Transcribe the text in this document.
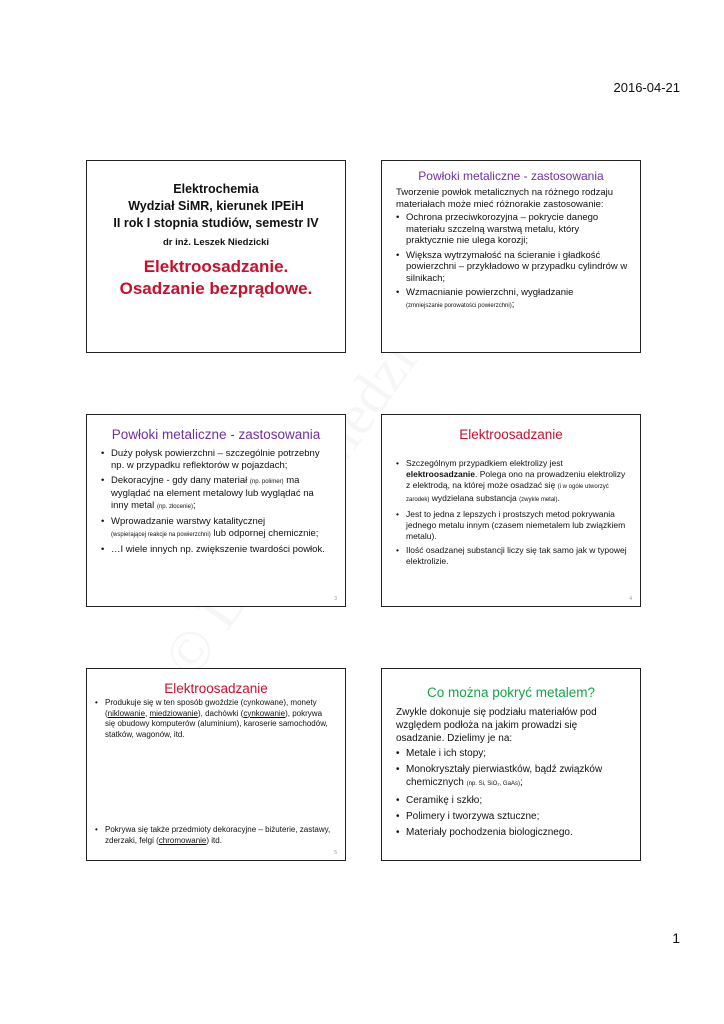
2016-04-21
Elektrochemia
Wydział SiMR, kierunek IPEiH
II rok I stopnia studiów, semestr IV
dr inż. Leszek Niedzicki
Elektroosadzanie.
Osadzanie bezprądowe.
Powłoki metaliczne - zastosowania

Tworzenie powłok metalicznych na różnego rodzaju materiałach może mieć różnorakie zastosowanie:

• Ochrona przeciwkorozyjna – pokrycie danego materiału szczelną warstwą metalu, który praktycznie nie ulega korozji;
• Większa wytrzymałość na ścieranie i gładkość powierzchni – przykładowo w przypadku cylindrów w silnikach;
• Wzmacnianie powierzchni, wygładzanie
(zmniejszanie porowatości powierzchni);
Powłoki metaliczne - zastosowania
• Duży połysk powierzchni – szczególnie potrzebny np. w przypadku reflektorów w pojazdach;
• Dekoracyjne - gdy dany materiał (np. polimer) ma wyglądać na element metalowy lub wyglądać na inny metal (np. złocenie);
• Wprowadzanie warstwy katalitycznej
(wspierającej reakcje na powierzchni) lub odpornej chemicznie;
• …I wiele innych np. zwiększenie twardości powłok.
3
Elektroosadzanie
• Szczególnym przypadkiem elektrolizy jest elektroosadzanie. Polega ono na prowadzeniu elektrolizy z elektrodą, na której może osadzać się (i w ogóle utworzyć zarodek) wydzielana substancja (zwykle metal).
• Jest to jedna z lepszych i prostszych metod pokrywania jednego metalu innym (czasem niemetalem lub związkiem metalu).
• Ilość osadzanej substancji liczy się tak samo jak w typowej elektrolizie.
4
Elektroosadzanie
• Produkuje się w ten sposób gwoździe (cynkowane), monety (niklowanie, miedziowanie), dachówki (cynkowanie), pokrywa się obudowy komputerów (aluminium), karoserie samochodów, statków, wagonów, itd.
• Pokrywa się także przedmioty dekoracyjne – biżuterie, zastawy, zderzaki, felgi (chromowanie) itd.
5
Co można pokryć metalem?

Zwykle dokonuje się podziału materiałów pod względem podłoża na jakim prowadzi się osadzanie. Dzielimy je na:

• Metale i ich stopy;
• Monokryształy pierwiastków, bądź związków chemicznych (np. Si, SiO₂, GaAs);
• Ceramikę i szkło;
• Polimery i tworzywa sztuczne;
• Materiały pochodzenia biologicznego.
1
